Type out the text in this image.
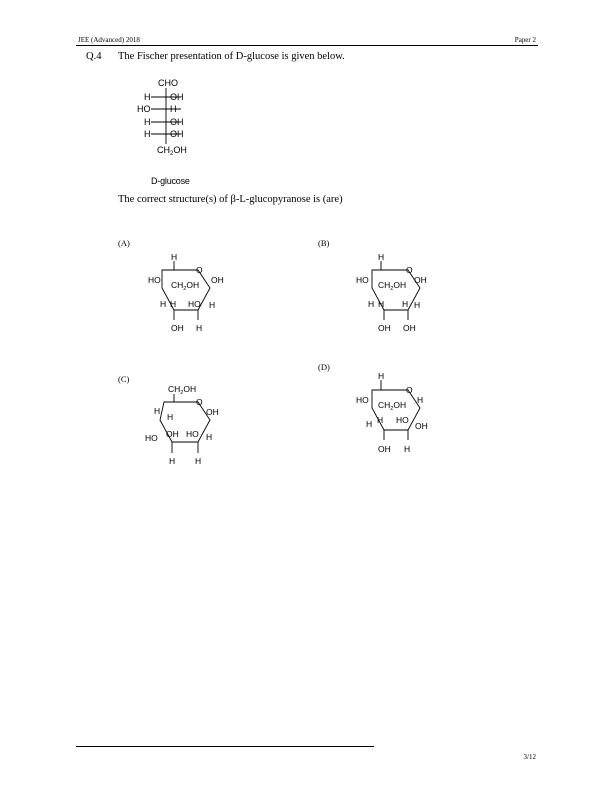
JEE (Advanced) 2018	Paper 2
Q.4 The Fischer presentation of D-glucose is given below.
CHO
H OH
HO H
H OH
H OH
$CH_2OH$
D-glucose
The correct structure(s) of β-L-glucopyranose is (are)
(A)	(B)
(C)
(D)
O
H
HO $CH_2OH$ OH
H H HO H
OH H
O
H
HO $CH_2OH$ OH
H H H H
OH OH
$CH_2OH$
O
H
H	OH
OH HO H
HO
H H
O
H
HO $CH_2OH$ H
H H HO
OH
OH H
3/12
